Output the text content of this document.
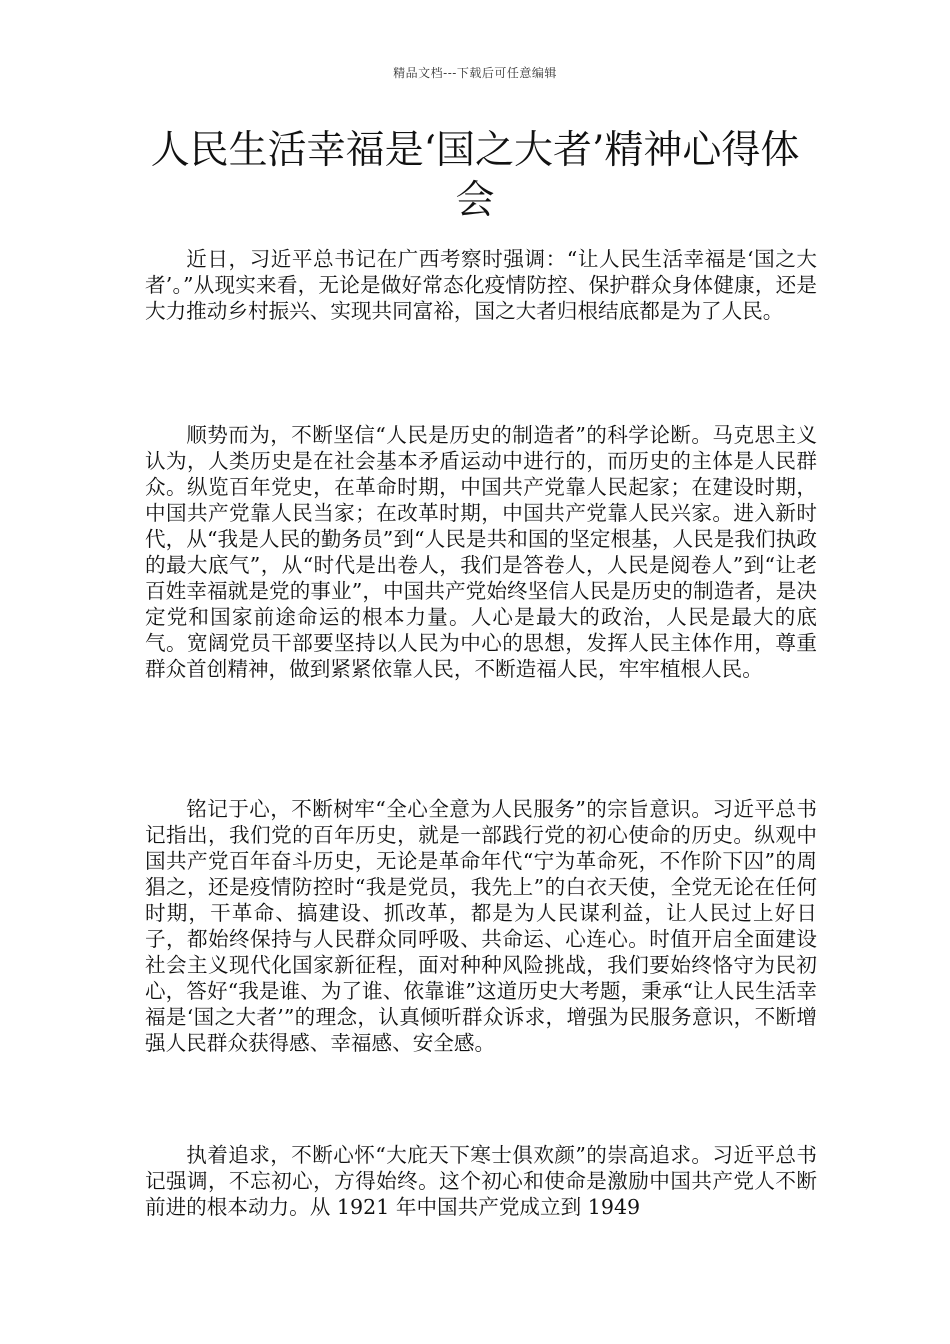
精品文档---下载后可任意编辑
人民生活幸福是‘国之大者’精神心得体会

近日，习近平总书记在广西考察时强调：“让人民生活幸福是‘国之大者’。”从现实来看，无论是做好常态化疫情防控、保护群众身体健康，还是大力推动乡村振兴、实现共同富裕，国之大者归根结底都是为了人民。

顺势而为，不断坚信“人民是历史的制造者”的科学论断。马克思主义认为，人类历史是在社会基本矛盾运动中进行的，而历史的主体是人民群众。纵览百年党史，在革命时期，中国共产党靠人民起家；在建设时期，中国共产党靠人民当家；在改革时期，中国共产党靠人民兴家。进入新时代，从“我是人民的勤务员”到“人民是共和国的坚定根基，人民是我们执政的最大底气”，从“时代是出卷人，我们是答卷人，人民是阅卷人”到“让老百姓幸福就是党的事业”，中国共产党始终坚信人民是历史的制造者，是决定党和国家前途命运的根本力量。人心是最大的政治，人民是最大的底气。宽阔党员干部要坚持以人民为中心的思想，发挥人民主体作用，尊重群众首创精神，做到紧紧依靠人民，不断造福人民，牢牢植根人民。

铭记于心，不断树牢“全心全意为人民服务”的宗旨意识。习近平总书记指出，我们党的百年历史，就是一部践行党的初心使命的历史。纵观中国共产党百年奋斗历史，无论是革命年代“宁为革命死，不作阶下囚”的周猖之，还是疫情防控时“我是党员，我先上”的白衣天使，全党无论在任何时期，干革命、搞建设、抓改革，都是为人民谋利益，让人民过上好日子，都始终保持与人民群众同呼吸、共命运、心连心。时值开启全面建设社会主义现代化国家新征程，面对种种风险挑战，我们要始终恪守为民初心，答好“我是谁、为了谁、依靠谁”这道历史大考题，秉承“让人民生活幸福是‘国之大者’”的理念，认真倾听群众诉求，增强为民服务意识，不断增强人民群众获得感、幸福感、安全感。

执着追求，不断心怀“大庇天下寒士俱欢颜”的崇高追求。习近平总书记强调，不忘初心，方得始终。这个初心和使命是激励中国共产党人不断前进的根本动力。从 1921 年中国共产党成立到 1949
